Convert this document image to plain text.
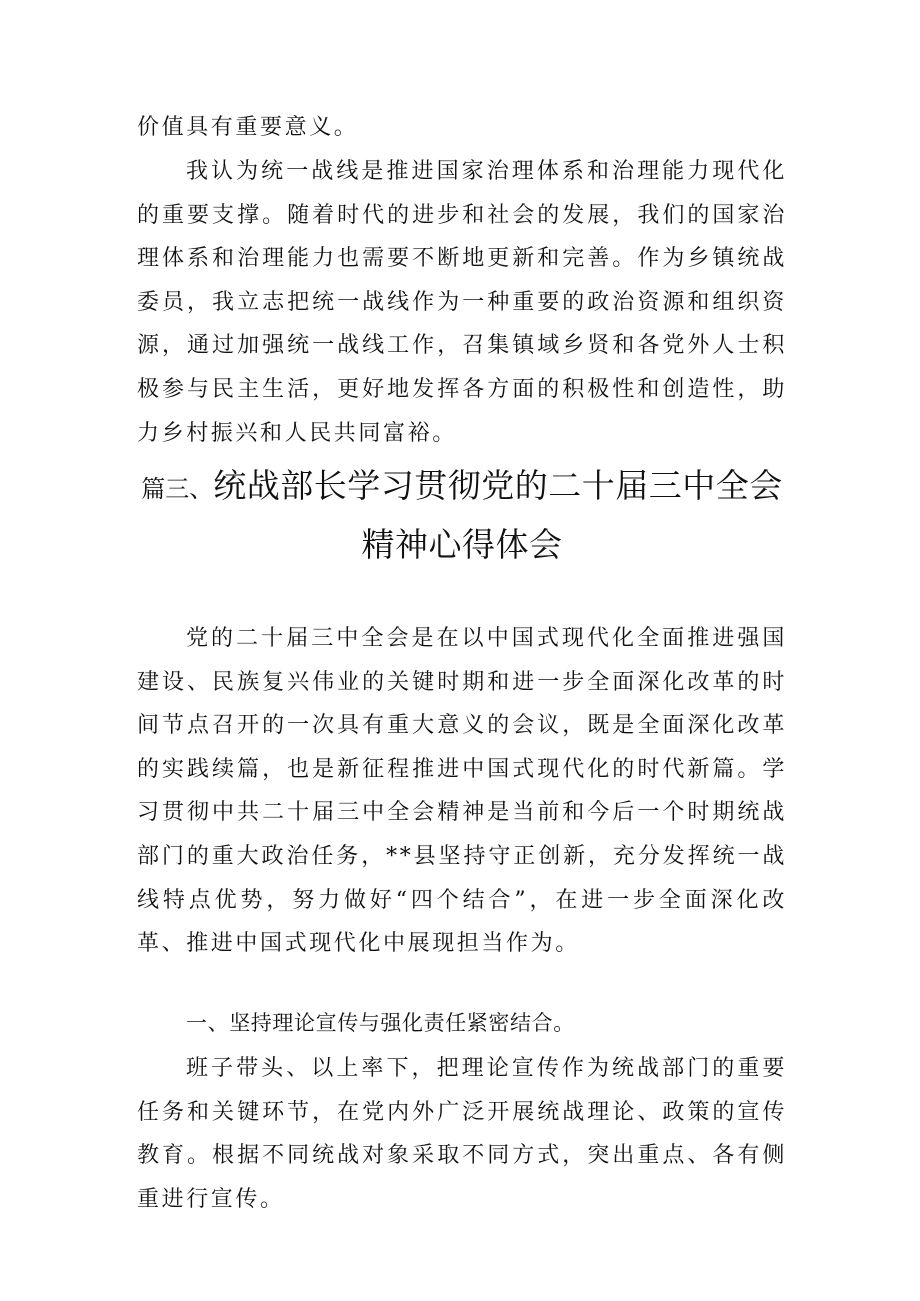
价值具有重要意义。

我认为统一战线是推进国家治理体系和治理能力现代化的重要支撑。随着时代的进步和社会的发展，我们的国家治理体系和治理能力也需要不断地更新和完善。作为乡镇统战委员，我立志把统一战线作为一种重要的政治资源和组织资源，通过加强统一战线工作，召集镇域乡贤和各党外人士积极参与民主生活，更好地发挥各方面的积极性和创造性，助力乡村振兴和人民共同富裕。

篇三、统战部长学习贯彻党的二十届三中全会精神心得体会

党的二十届三中全会是在以中国式现代化全面推进强国建设、民族复兴伟业的关键时期和进一步全面深化改革的时间节点召开的一次具有重大意义的会议，既是全面深化改革的实践续篇，也是新征程推进中国式现代化的时代新篇。学习贯彻中共二十届三中全会精神是当前和今后一个时期统战部门的重大政治任务，**县坚持守正创新，充分发挥统一战线特点优势，努力做好“四个结合”，在进一步全面深化改革、推进中国式现代化中展现担当作为。

一、坚持理论宣传与强化责任紧密结合。

班子带头、以上率下，把理论宣传作为统战部门的重要任务和关键环节，在党内外广泛开展统战理论、政策的宣传教育。根据不同统战对象采取不同方式，突出重点、各有侧重进行宣传。
